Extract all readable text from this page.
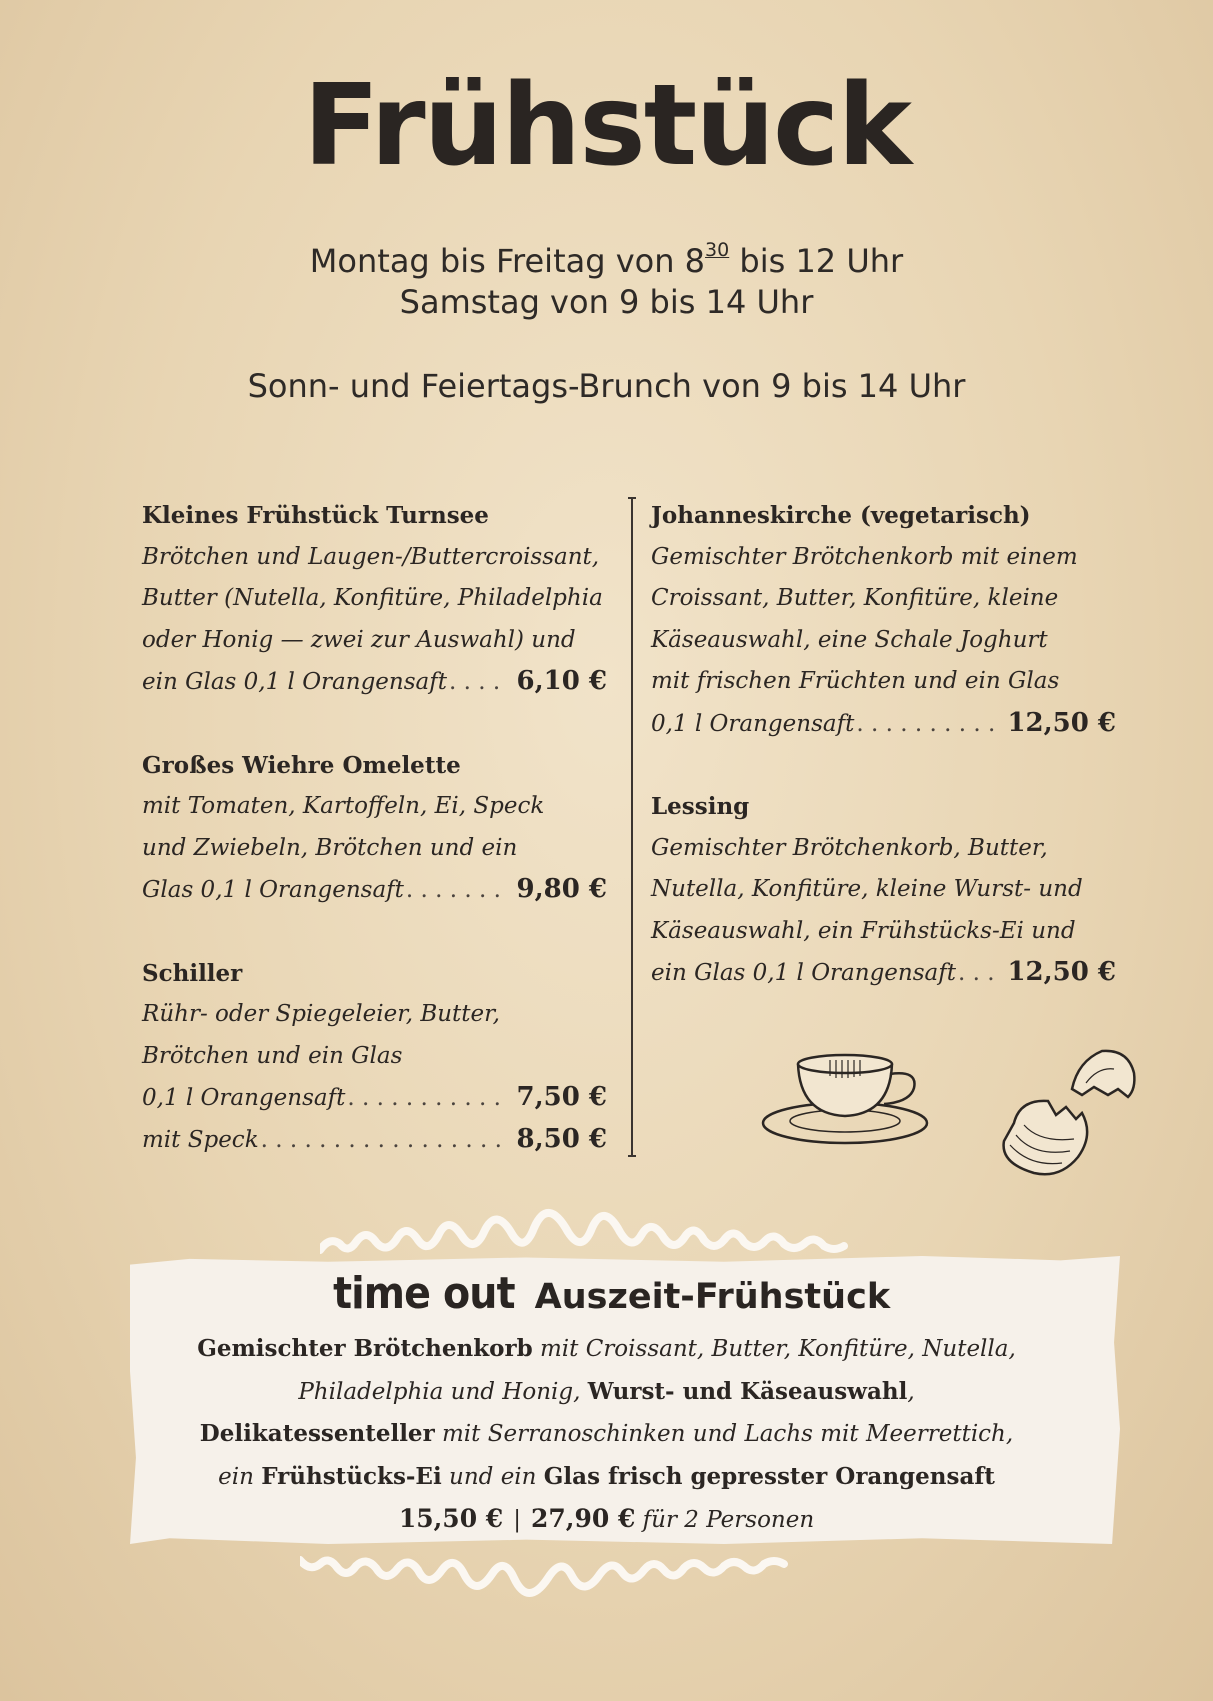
Frühstück
Montag bis Freitag von $8^{30}$ bis 12 Uhr
Samstag von 9 bis 14 Uhr
Sonn- und Feiertags-Brunch von 9 bis 14 Uhr
Kleines Frühstück Turnsee
Brötchen und Laugen-/Buttercroissant,
Butter (Nutella, Konfitüre, Philadelphia
oder Honig — zwei zur Auswahl) und
ein Glas 0,1 l Orangensaft . . .	6,10 €
Großes Wiehre Omelette
mit Tomaten, Kartoffeln, Ei, Speck
und Zwiebeln, Brötchen und ein
Glas 0,1 l Orangensaft . . .	9,80 €
Schiller
Rühr- oder Spiegeleier, Butter,
Brötchen und ein Glas
0,1 l Orangensaft . . .	7,50 €
mit Speck . . .	8,50 €
Johanneskirche (vegetarisch)
Gemischter Brötchenkorb mit einem
Croissant, Butter, Konfitüre, kleine
Käseauswahl, eine Schale Joghurt
mit frischen Früchten und ein Glas
0,1 l Orangensaft . . .	12,50 €
Lessing
Gemischter Brötchenkorb, Butter,
Nutella, Konfitüre, kleine Wurst- und
Käseauswahl, ein Frühstücks-Ei und
ein Glas 0,1 l Orangensaft . . . 12,50 €
time out Auszeit-Frühstück
Gemischter Brötchenkorb mit Croissant, Butter, Konfitüre, Nutella,
Philadelphia und Honig, Wurst- und Käseauswahl,
Delikatessenteller mit Serranoschinken und Lachs mit Meerrettich,
ein Frühstücks-Ei und ein Glas frisch gepresster Orangensaft
15,50 € | 27,90 € für 2 Personen
